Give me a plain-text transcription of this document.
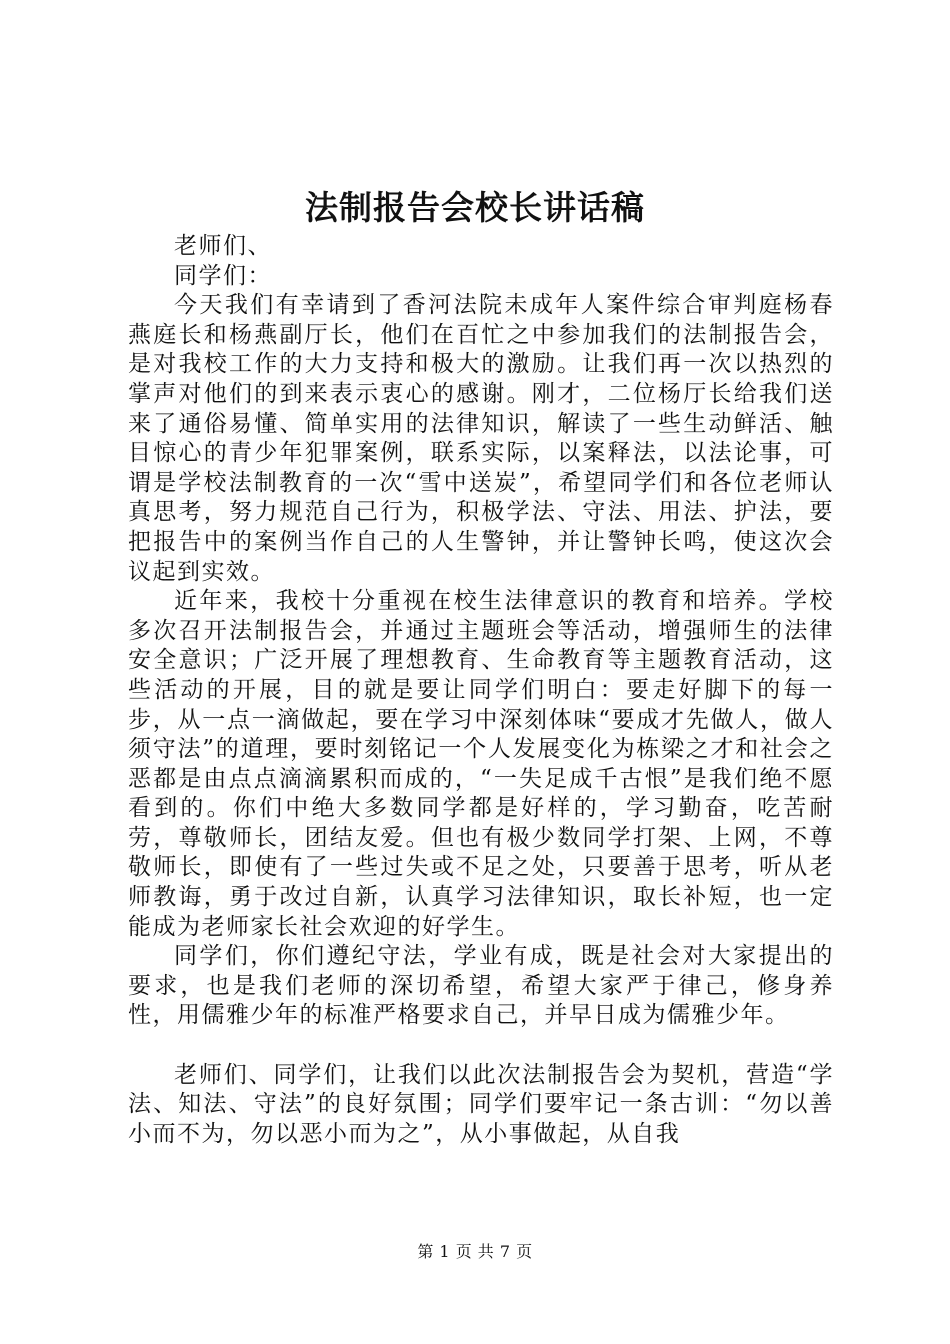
法制报告会校长讲话稿

老师们、

同学们：

今天我们有幸请到了香河法院未成年人案件综合审判庭杨春燕庭长和杨燕副厅长，他们在百忙之中参加我们的法制报告会，是对我校工作的大力支持和极大的激励。让我们再一次以热烈的掌声对他们的到来表示衷心的感谢。刚才，二位杨厅长给我们送来了通俗易懂、简单实用的法律知识，解读了一些生动鲜活、触目惊心的青少年犯罪案例，联系实际，以案释法，以法论事，可谓是学校法制教育的一次“雪中送炭”，希望同学们和各位老师认真思考，努力规范自己行为，积极学法、守法、用法、护法，要把报告中的案例当作自己的人生警钟，并让警钟长鸣，使这次会议起到实效。

近年来，我校十分重视在校生法律意识的教育和培养。学校多次召开法制报告会，并通过主题班会等活动，增强师生的法律安全意识；广泛开展了理想教育、生命教育等主题教育活动，这些活动的开展，目的就是要让同学们明白：要走好脚下的每一步，从一点一滴做起，要在学习中深刻体味“要成才先做人，做人须守法”的道理，要时刻铭记一个人发展变化为栋梁之才和社会之恶都是由点点滴滴累积而成的，“一失足成千古恨”是我们绝不愿看到的。你们中绝大多数同学都是好样的，学习勤奋，吃苦耐劳，尊敬师长，团结友爱。但也有极少数同学打架、上网，不尊敬师长，即使有了一些过失或不足之处，只要善于思考，听从老师教诲，勇于改过自新，认真学习法律知识，取长补短，也一定能成为老师家长社会欢迎的好学生。

同学们，你们遵纪守法，学业有成，既是社会对大家提出的要求，也是我们老师的深切希望，希望大家严于律己，修身养性，用儒雅少年的标准严格要求自己，并早日成为儒雅少年。

老师们、同学们，让我们以此次法制报告会为契机，营造“学法、知法、守法”的良好氛围；同学们要牢记一条古训：“勿以善小而不为，勿以恶小而为之”，从小事做起，从自我

第 1 页 共 7 页
